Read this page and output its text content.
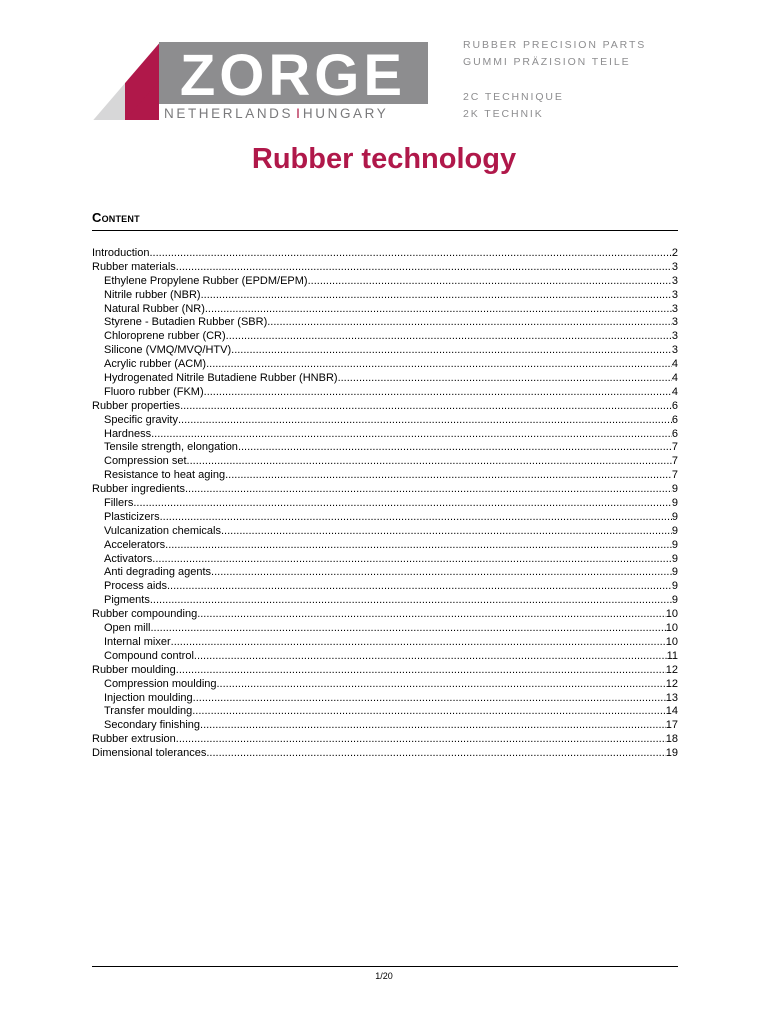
ZORGE
NETHERLANDS I HUNGARY
RUBBER PRECISION PARTS
GUMMI PRÄZISION TEILE
2C TECHNIQUE
2K TECHNIK
Rubber technology
Content
Introduction .....	2
Rubber materials .....	3
Ethylene Propylene Rubber (EPDM/EPM) .....	3
Nitrile rubber (NBR) .....	3
Natural Rubber (NR) .....	3
Styrene - Butadien Rubber (SBR) .....	3
Chloroprene rubber (CR) .....	3
Silicone (VMQ/MVQ/HTV) .....	3
Acrylic rubber (ACM) .....	4
Hydrogenated Nitrile Butadiene Rubber (HNBR) .....	4
Fluoro rubber (FKM) .....	4
Rubber properties .....	6
Specific gravity .....	6
Hardness .....	6
Tensile strength, elongation .....	7
Compression set .....	7
Resistance to heat aging .....	7
Rubber ingredients .....	9
Fillers .....	9
Plasticizers .....	9
Vulcanization chemicals .....	9
Accelerators .....	9
Activators .....	9
Anti degrading agents .....	9
Process aids .....	9
Pigments .....	9
Rubber compounding .....	10
Open mill .....	10
Internal mixer .....	10
Compound control .....	11
Rubber moulding .....	12
Compression moulding .....	12
Injection moulding .....	13
Transfer moulding .....	14
Secondary finishing .....	17
Rubber extrusion .....	18
Dimensional tolerances .....	19
1/20
